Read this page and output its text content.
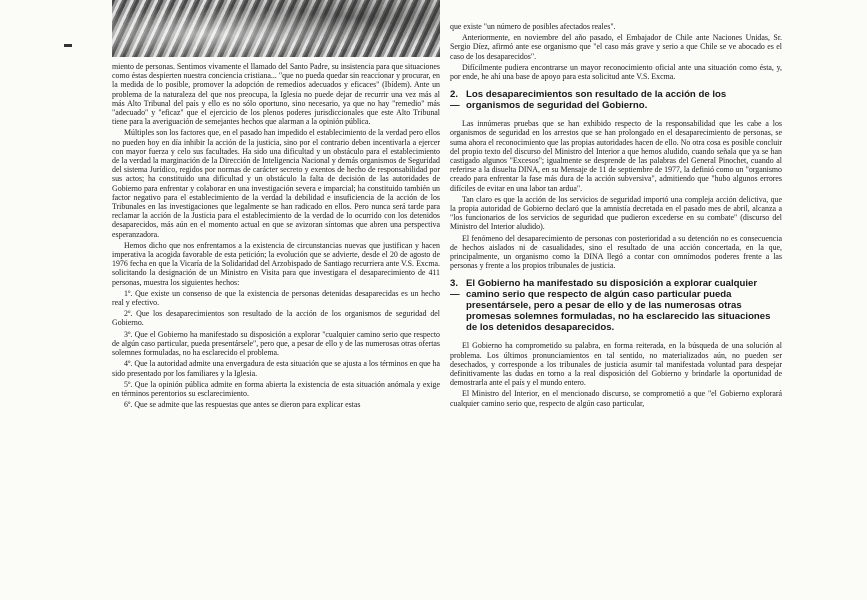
miento de personas. Sentimos vivamente el llamado del Santo Padre, su insistencia para que situaciones como éstas despierten nuestra conciencia cristiana... "que no pueda quedar sin reaccionar y procurar, en la medida de lo posible, promover la adopción de remedios adecuados y eficaces" (Ibídem). Ante un problema de la naturaleza del que nos preocupa, la Iglesia no puede dejar de recurrir una vez más al más Alto Tribunal del país y ello es no sólo oportuno, sino necesario, ya que no hay "remedio" más "adecuado" y "eficaz" que el ejercicio de los plenos poderes jurisdiccionales que este Alto Tribunal tiene para la averiguación de semejantes hechos que alarman a la opinión pública.

Múltiples son los factores que, en el pasado han impedido el establecimiento de la verdad pero ellos no pueden hoy en día inhibir la acción de la justicia, sino por el contrario deben incentivarla a ejercer con mayor fuerza y celo sus facultades. Ha sido una dificultad y un obstáculo para el establecimiento de la verdad la marginación de la Dirección de Inteligencia Nacional y demás organismos de Seguridad del sistema Jurídico, regidos por normas de carácter secreto y exentos de hecho de responsabilidad por sus actos; ha constituido una dificultad y un obstáculo la falta de decisión de las autoridades de Gobierno para enfrentar y colaborar en una investigación severa e imparcial; ha constituido también un factor negativo para el establecimiento de la verdad la debilidad e insuficiencia de la acción de los Tribunales en las investigaciones que legalmente se han radicado en ellos. Pero nunca será tarde para reclamar la acción de la Justicia para el establecimiento de la verdad de lo ocurrido con los detenidos desaparecidos, más aún en el momento actual en que se avizoran síntomas que abren una perspectiva esperanzadora.

Hemos dicho que nos enfrentamos a la existencia de circunstancias nuevas que justifican y hacen imperativa la acogida favorable de esta petición; la evolución que se advierte, desde el 20 de agosto de 1976 fecha en que la Vicaría de la Solidaridad del Arzobispado de Santiago recurriera ante V.S. Excma. solicitando la designación de un Ministro en Visita para que investigara el desaparecimiento de 411 personas, muestra los siguientes hechos:

1º. Que existe un consenso de que la existencia de personas detenidas desaparecidas es un hecho real y efectivo.

2º. Que los desaparecimientos son resultado de la acción de los organismos de seguridad del Gobierno.

3º. Que el Gobierno ha manifestado su disposición a explorar "cualquier camino serio que respecto de algún caso particular, pueda presentársele", pero que, a pesar de ello y de las numerosas otras ofertas solemnes formuladas, no ha esclarecido el problema.

4º. Que la autoridad admite una envergadura de esta situación que se ajusta a los términos en que ha sido presentado por los familiares y la Iglesia.

5º. Que la opinión pública admite en forma abierta la existencia de esta situación anómala y exige en términos perentorios su esclarecimiento.

6º. Que se admite que las respuestas que antes se dieron para explicar estas

que existe "un número de posibles afectados reales".

Anteriormente, en noviembre del año pasado, el Embajador de Chile ante Naciones Unidas, Sr. Sergio Díez, afirmó ante ese organismo que "el caso más grave y serio a que Chile se ve abocado es el caso de los desaparecidos".

Difícilmente pudiera encontrarse un mayor reconocimiento oficial ante una situación como ésta, y, por ende, he ahí una base de apoyo para esta solicitud ante V.S. Excma.

2.—Los desaparecimientos son resultado de la acción de los organismos de seguridad del Gobierno.

Las innúmeras pruebas que se han exhibido respecto de la responsabilidad que les cabe a los organismos de seguridad en los arrestos que se han prolongado en el desaparecimiento de personas, se suma ahora el reconocimiento que las propias autoridades hacen de ello. No otra cosa es posible concluir del propio texto del discurso del Ministro del Interior a que hemos aludido, cuando señala que ya se han castigado algunos "Excesos"; igualmente se desprende de las palabras del General Pinochet, cuando al referirse a la disuelta DINA, en su Mensaje de 11 de septiembre de 1977, la definió como un "organismo creado para enfrentar la fase más dura de la acción subversiva", admitiendo que "hubo algunos errores difíciles de evitar en una labor tan ardua".

Tan claro es que la acción de los servicios de seguridad importó una compleja acción delictiva, que la propia autoridad de Gobierno declaró que la amnistía decretada en el pasado mes de abril, alcanza a "los funcionarios de los servicios de seguridad que pudieron excederse en su combate" (discurso del Ministro del Interior aludido).

El fenómeno del desaparecimiento de personas con posterioridad a su detención no es consecuencia de hechos aislados ni de casualidades, sino el resultado de una acción concertada, en la que, principalmente, un organismo como la DINA llegó a contar con omnímodos poderes frente a las personas y frente a los propios tribunales de justicia.

3.—El Gobierno ha manifestado su disposición a explorar cualquier camino serio que respecto de algún caso particular pueda presentársele, pero a pesar de ello y de las numerosas otras promesas solemnes formuladas, no ha esclarecido las situaciones de los detenidos desaparecidos.

El Gobierno ha comprometido su palabra, en forma reiterada, en la búsqueda de una solución al problema. Los últimos pronunciamientos en tal sentido, no materializados aún, no pueden ser desechados, y corresponde a los tribunales de justicia asumir tal manifestada voluntad para despejar definitivamente las dudas en torno a la real disposición del Gobierno y brindarle la oportunidad de demostrarla ante el país y el mundo entero.

El Ministro del Interior, en el mencionado discurso, se comprometió a que "el Gobierno explorará cualquier camino serio que, respecto de algún caso particular,
